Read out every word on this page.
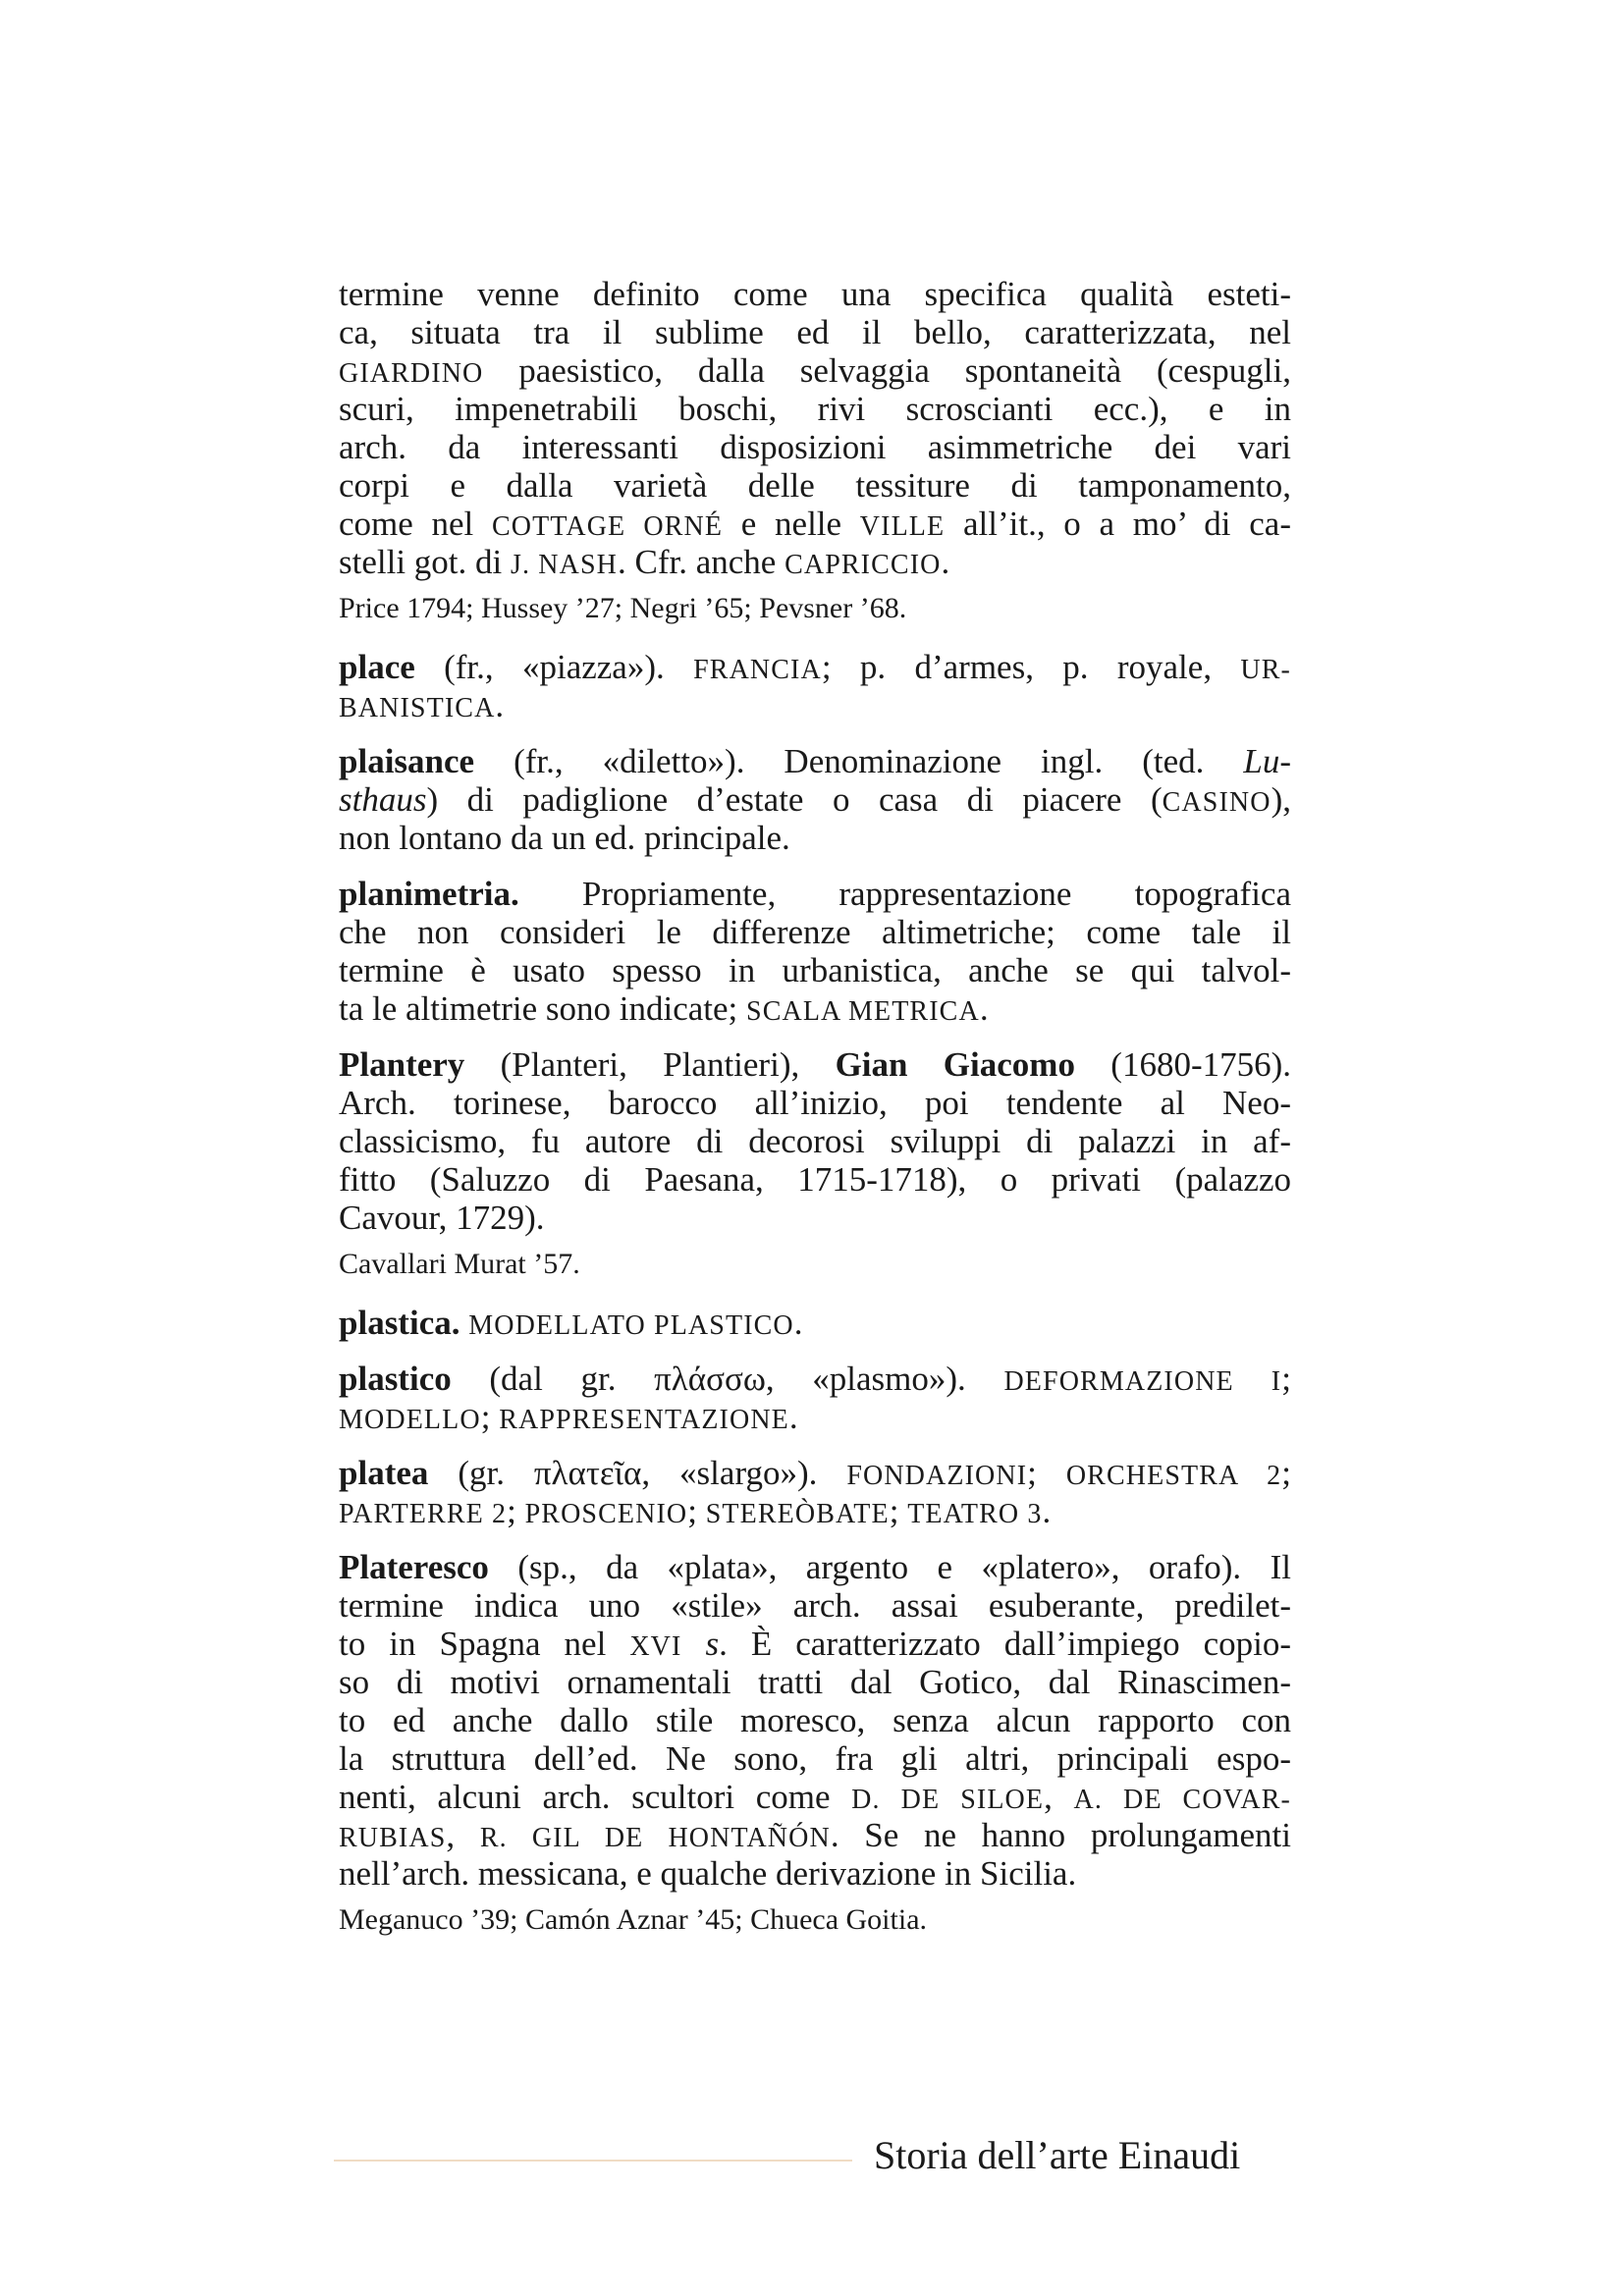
termine venne definito come una specifica qualità esteti-
ca, situata tra il sublime ed il bello, caratterizzata, nel
GIARDINO paesistico, dalla selvaggia spontaneità (cespugli,
scuri, impenetrabili boschi, rivi scroscianti ecc.), e in
arch. da interessanti disposizioni asimmetriche dei vari
corpi e dalla varietà delle tessiture di tamponamento,
come nel COTTAGE ORNÉ e nelle VILLE all’it., o a mo’ di ca-
stelli got. di J. NASH. Cfr. anche CAPRICCIO.
Price 1794; Hussey ’27; Negri ’65; Pevsner ’68.
place (fr., «piazza»). FRANCIA; p. d’armes, p. royale, UR-
BANISTICA.
plaisance (fr., «diletto»). Denominazione ingl. (ted. Lu-
sthaus) di padiglione d’estate o casa di piacere (CASINO),
non lontano da un ed. principale.
planimetria. Propriamente, rappresentazione topografica
che non consideri le differenze altimetriche; come tale il
termine è usato spesso in urbanistica, anche se qui talvol-
ta le altimetrie sono indicate; SCALA METRICA.
Plantery (Planteri, Plantieri), Gian Giacomo (1680-1756).
Arch. torinese, barocco all’inizio, poi tendente al Neo-
classicismo, fu autore di decorosi sviluppi di palazzi in af-
fitto (Saluzzo di Paesana, 1715-1718), o privati (palazzo
Cavour, 1729).
Cavallari Murat ’57.
plastica. MODELLATO PLASTICO.
plastico (dal gr. πλάσσω, «plasmo»). DEFORMAZIONE I;
MODELLO; RAPPRESENTAZIONE.
platea (gr. πλατεῖα, «slargo»). FONDAZIONI; ORCHESTRA 2;
PARTERRE 2; PROSCENIO; STEREÒBATE; TEATRO 3.
Plateresco (sp., da «plata», argento e «platero», orafo). Il
termine indica uno «stile» arch. assai esuberante, predilet-
to in Spagna nel XVI s. È caratterizzato dall’impiego copio-
so di motivi ornamentali tratti dal Gotico, dal Rinascimen-
to ed anche dallo stile moresco, senza alcun rapporto con
la struttura dell’ed. Ne sono, fra gli altri, principali espo-
nenti, alcuni arch. scultori come D. DE SILOE, A. DE COVAR-
RUBIAS, R. GIL DE HONTAÑÓN. Se ne hanno prolungamenti
nell’arch. messicana, e qualche derivazione in Sicilia.
Meganuco ’39; Camón Aznar ’45; Chueca Goitia.
Storia dell’arte Einaudi
